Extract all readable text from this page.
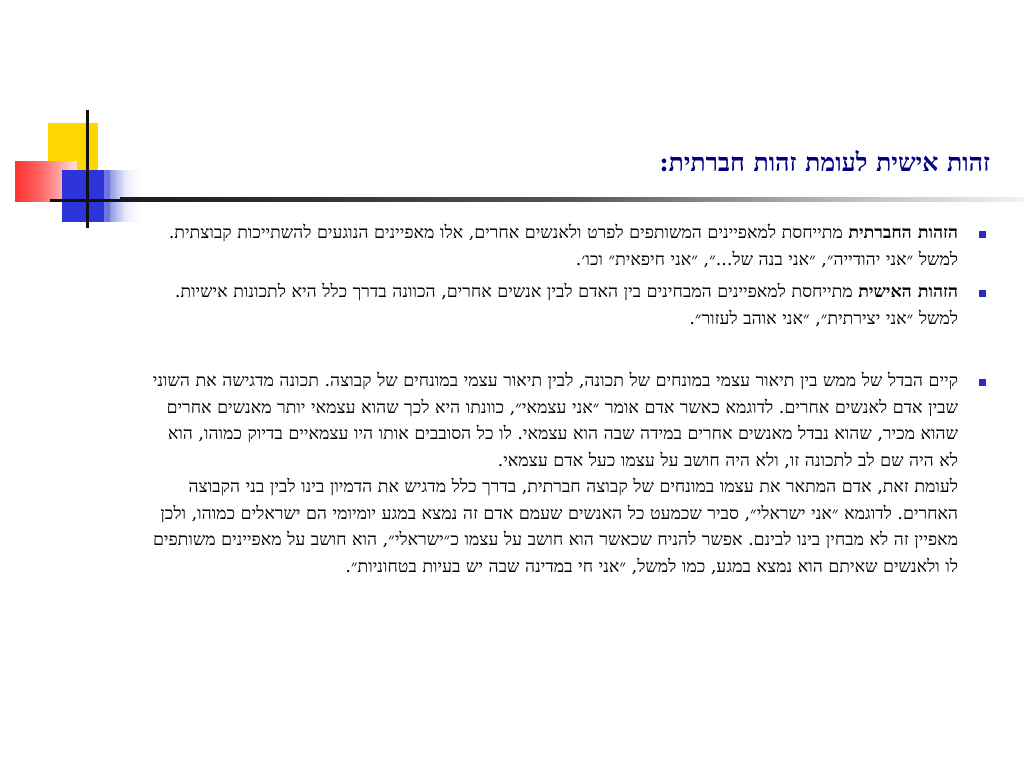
זהות אישית לעומת זהות חברתית:
הזהות החברתית מתייחסת למאפיינים המשותפים לפרט ולאנשים אחרים, אלו מאפיינים הנוגעים להשתייכות קבוצתית. למשל ״אני יהודייה״, ״אני בנה של...״, ״אני חיפאית״ וכו׳.
הזהות האישית מתייחסת למאפיינים המבחינים בין האדם לבין אנשים אחרים, הכוונה בדרך כלל היא לתכונות אישיות. למשל ״אני יצירתית״, ״אני אוהב לעזור״.
קיים הבדל של ממש בין תיאור עצמי במונחים של תכונה, לבין תיאור עצמי במונחים של קבוצה. תכונה מדגישה את השוני שבין אדם לאנשים אחרים. לדוגמא כאשר אדם אומר ״אני עצמאי״, כוונתו היא לכך שהוא עצמאי יותר מאנשים אחרים שהוא מכיר, שהוא נבדל מאנשים אחרים במידה שבה הוא עצמאי. לו כל הסובבים אותו היו עצמאיים בדיוק כמוהו, הוא לא היה שם לב לתכונה זו, ולא היה חושב על עצמו כעל אדם עצמאי.
לעומת זאת, אדם המתאר את עצמו במונחים של קבוצה חברתית, בדרך כלל מדגיש את הדמיון בינו לבין בני הקבוצה האחרים. לדוגמא ״אני ישראלי״, סביר שכמעט כל האנשים שעמם אדם זה נמצא במגע יומיומי הם ישראלים כמוהו, ולכן מאפיין זה לא מבחין בינו לבינם. אפשר להניח שכאשר הוא חושב על עצמו כ״ישראלי״, הוא חושב על מאפיינים משותפים לו ולאנשים שאיתם הוא נמצא במגע, כמו למשל, ״אני חי במדינה שבה יש בעיות בטחוניות״.
